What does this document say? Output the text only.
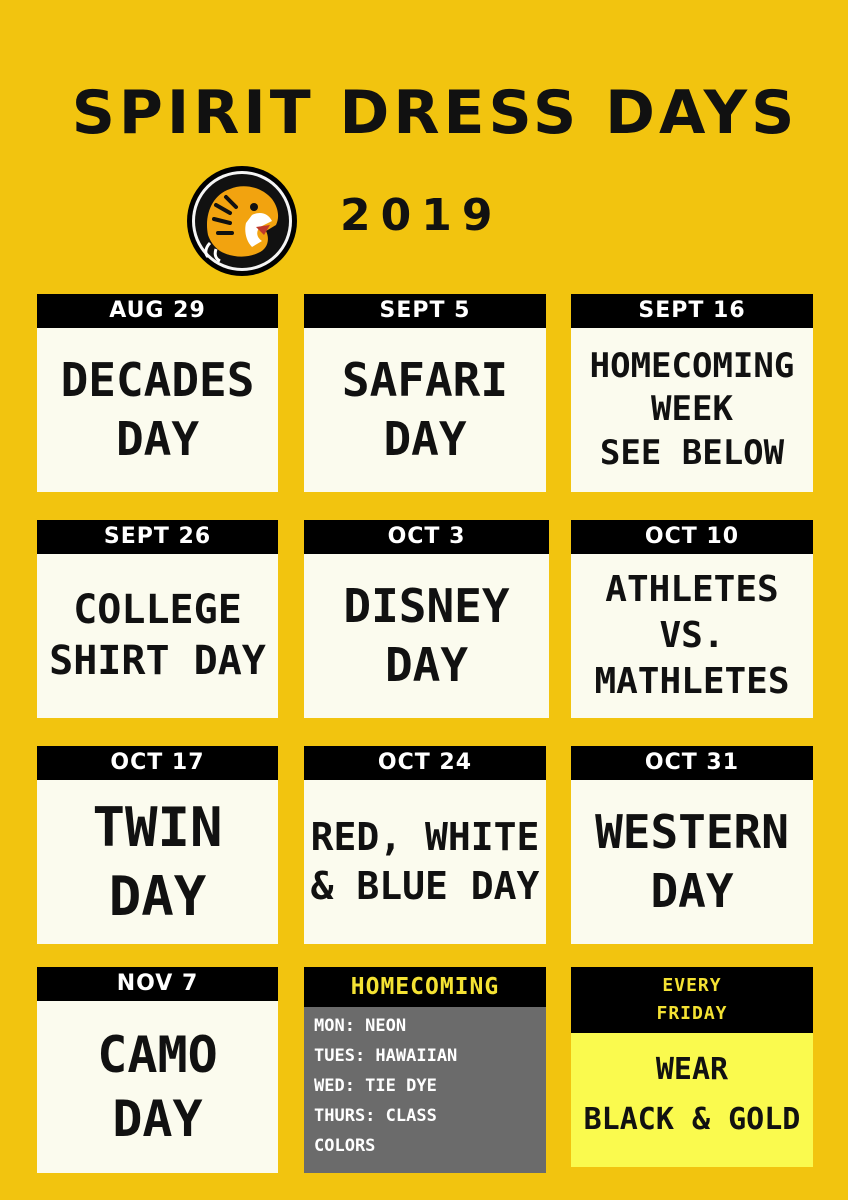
SPIRIT DRESS DAYS
2019
AUG 29
DECADES
DAY
SEPT 5
SAFARI
DAY
SEPT 16
HOMECOMING
WEEK
SEE BELOW
SEPT 26
COLLEGE
SHIRT DAY
OCT 3
DISNEY
DAY
OCT 10
ATHLETES
VS.
MATHLETES
OCT 17
TWIN
DAY
OCT 24
RED, WHITE
& BLUE DAY
OCT 31
WESTERN
DAY
NOV 7
CAMO
DAY
HOMECOMING
MON: NEON
TUES: HAWAIIAN
WED: TIE DYE
THURS: CLASS
COLORS
EVERY
FRIDAY
WEAR
BLACK & GOLD
